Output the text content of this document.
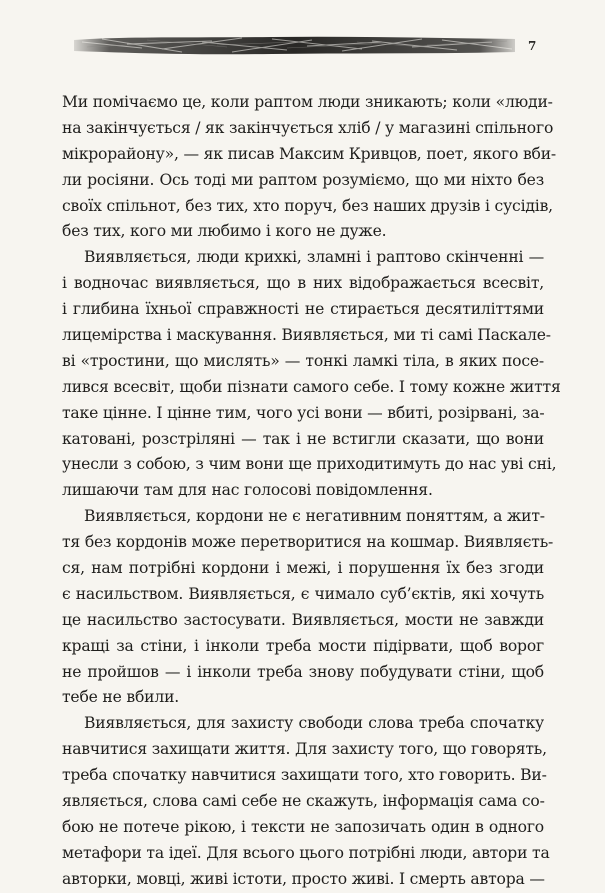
7
Ми помічаємо це, коли раптом люди зникають; коли «люди-
на закінчується / як закінчується хліб / у магазині спільного
мікрорайону», — як писав Максим Кривцов, поет, якого вби-
ли росіяни. Ось тоді ми раптом розуміємо, що ми ніхто без
своїх спільнот, без тих, хто поруч, без наших друзів і сусідів,
без тих, кого ми любимо і кого не дуже.
Виявляється, люди крихкі, зламні і раптово скінченні —
і водночас виявляється, що в них відображається всесвіт,
і глибина їхньої справжності не стирається десятиліттями
лицемірства і маскування. Виявляється, ми ті самі Паскале-
ві «тростини, що мислять» — тонкі ламкі тіла, в яких посе-
лився всесвіт, щоби пізнати самого себе. І тому кожне життя
таке цінне. І цінне тим, чого усі вони — вбиті, розірвані, за-
катовані, розстріляні — так і не встигли сказати, що вони
унесли з собою, з чим вони ще приходитимуть до нас уві сні,
лишаючи там для нас голосові повідомлення.
Виявляється, кордони не є негативним поняттям, а жит-
тя без кордонів може перетворитися на кошмар. Виявляєть-
ся, нам потрібні кордони і межі, і порушення їх без згоди
є насильством. Виявляється, є чимало суб’єктів, які хочуть
це насильство застосувати. Виявляється, мости не завжди
кращі за стіни, і інколи треба мости підірвати, щоб ворог
не пройшов — і інколи треба знову побудувати стіни, щоб
тебе не вбили.
Виявляється, для захисту свободи слова треба спочатку
навчитися захищати життя. Для захисту того, що говорять,
треба спочатку навчитися захищати того, хто говорить. Ви-
являється, слова самі себе не скажуть, інформація сама со-
бою не потече рікою, і тексти не запозичать один в одного
метафори та ідеї. Для всього цього потрібні люди, автори та
авторки, мовці, живі істоти, просто живі. І смерть автора —
